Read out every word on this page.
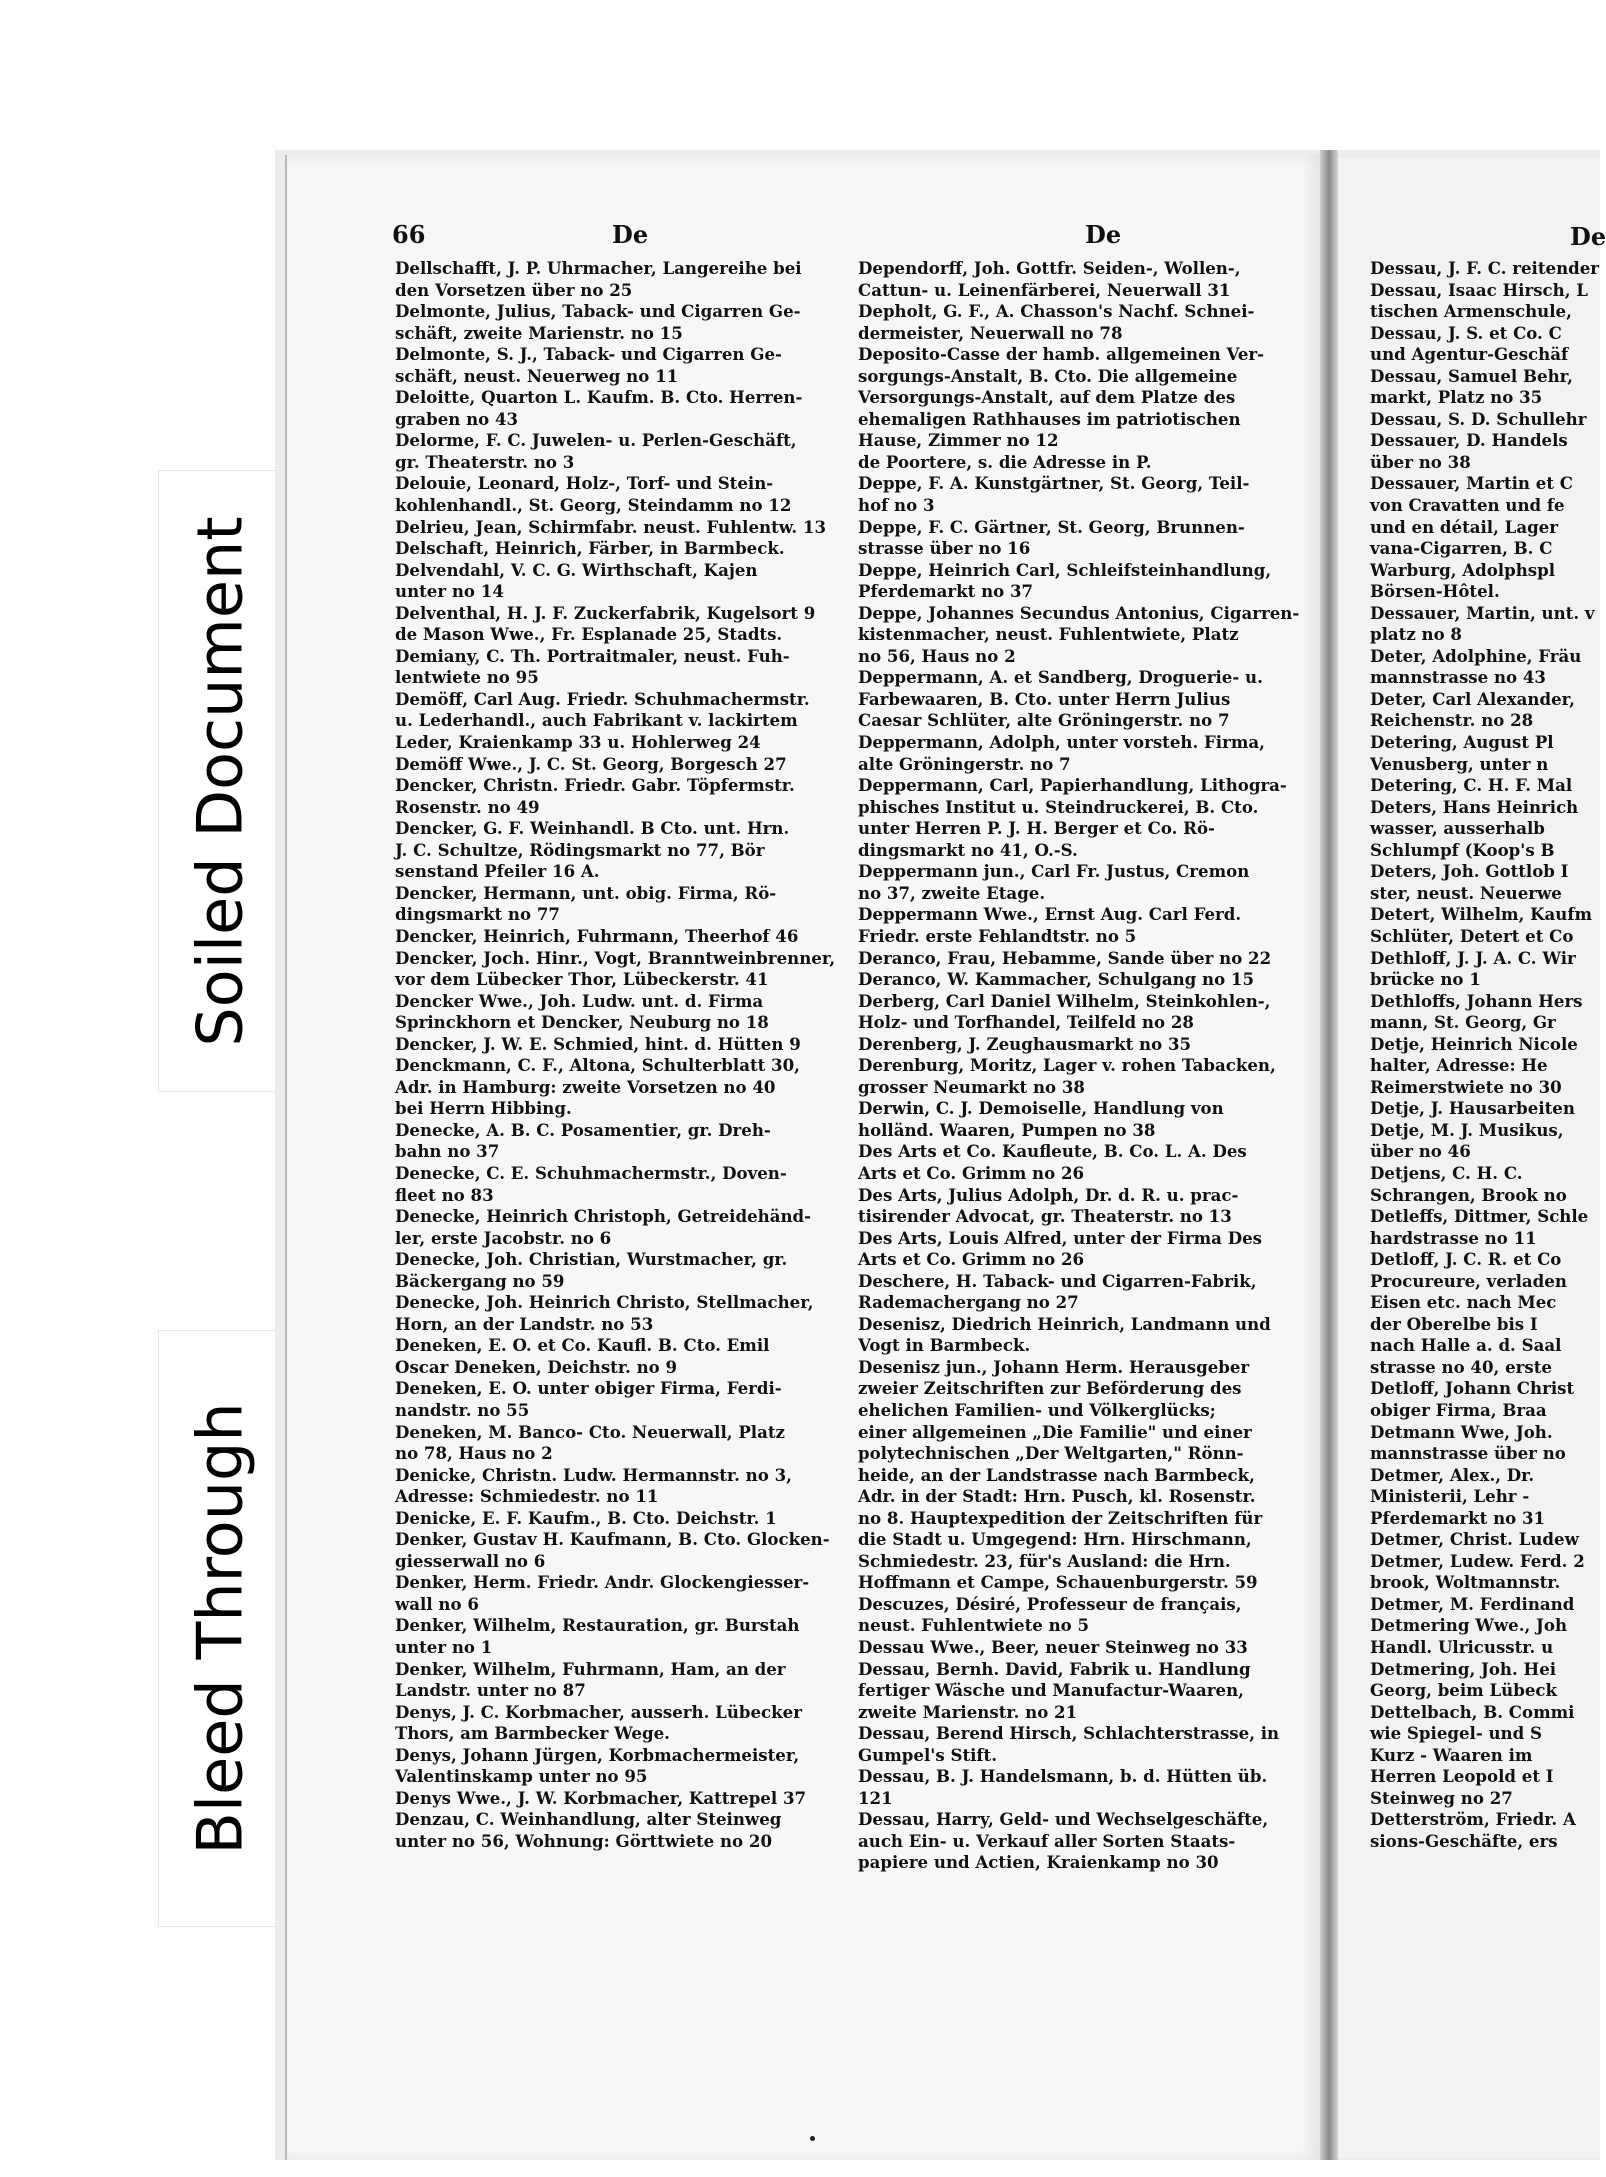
Soiled Document
Bleed Through
66	De	De	De
Dellschafft, J. P. Uhrmacher, Langereihe bei
den Vorsetzen über no 25
Delmonte, Julius, Taback- und Cigarren Ge-
schäft, zweite Marienstr. no 15
Delmonte, S. J., Taback- und Cigarren Ge-
schäft, neust. Neuerweg no 11
Deloitte, Quarton L. Kaufm. B. Cto. Herren-
graben no 43
Delorme, F. C. Juwelen- u. Perlen-Geschäft,
gr. Theaterstr. no 3
Delouie, Leonard, Holz-, Torf- und Stein-
kohlenhandl., St. Georg, Steindamm no 12
Delrieu, Jean, Schirmfabr. neust. Fuhlentw. 13
Delschaft, Heinrich, Färber, in Barmbeck.
Delvendahl, V. C. G. Wirthschaft, Kajen
unter no 14
Delventhal, H. J. F. Zuckerfabrik, Kugelsort 9
de Mason Wwe., Fr. Esplanade 25, Stadts.
Demiany, C. Th. Portraitmaler, neust. Fuh-
lentwiete no 95
Demöff, Carl Aug. Friedr. Schuhmachermstr.
u. Lederhandl., auch Fabrikant v. lackirtem
Leder, Kraienkamp 33 u. Hohlerweg 24
Demöff Wwe., J. C. St. Georg, Borgesch 27
Dencker, Christn. Friedr. Gabr. Töpfermstr.
Rosenstr. no 49
Dencker, G. F. Weinhandl. B Cto. unt. Hrn.
J. C. Schultze, Rödingsmarkt no 77, Bör
senstand Pfeiler 16 A.
Dencker, Hermann, unt. obig. Firma, Rö-
dingsmarkt no 77
Dencker, Heinrich, Fuhrmann, Theerhof 46
Dencker, Joch. Hinr., Vogt, Branntweinbrenner,
vor dem Lübecker Thor, Lübeckerstr. 41
Dencker Wwe., Joh. Ludw. unt. d. Firma
Sprinckhorn et Dencker, Neuburg no 18
Dencker, J. W. E. Schmied, hint. d. Hütten 9
Denckmann, C. F., Altona, Schulterblatt 30,
Adr. in Hamburg: zweite Vorsetzen no 40
bei Herrn Hibbing.
Denecke, A. B. C. Posamentier, gr. Dreh-
bahn no 37
Denecke, C. E. Schuhmachermstr., Doven-
fleet no 83
Denecke, Heinrich Christoph, Getreidehänd-
ler, erste Jacobstr. no 6
Denecke, Joh. Christian, Wurstmacher, gr.
Bäckergang no 59
Denecke, Joh. Heinrich Christo, Stellmacher,
Horn, an der Landstr. no 53
Deneken, E. O. et Co. Kaufl. B. Cto. Emil
Oscar Deneken, Deichstr. no 9
Deneken, E. O. unter obiger Firma, Ferdi-
nandstr. no 55
Deneken, M. Banco- Cto. Neuerwall, Platz
no 78, Haus no 2
Denicke, Christn. Ludw. Hermannstr. no 3,
Adresse: Schmiedestr. no 11
Denicke, E. F. Kaufm., B. Cto. Deichstr. 1
Denker, Gustav H. Kaufmann, B. Cto. Glocken-
giesserwall no 6
Denker, Herm. Friedr. Andr. Glockengiesser-
wall no 6
Denker, Wilhelm, Restauration, gr. Burstah
unter no 1
Denker, Wilhelm, Fuhrmann, Ham, an der
Landstr. unter no 87
Denys, J. C. Korbmacher, ausserh. Lübecker
Thors, am Barmbecker Wege.
Denys, Johann Jürgen, Korbmachermeister,
Valentinskamp unter no 95
Denys Wwe., J. W. Korbmacher, Kattrepel 37
Denzau, C. Weinhandlung, alter Steinweg
unter no 56, Wohnung: Görttwiete no 20
Dependorff, Joh. Gottfr. Seiden-, Wollen-,
Cattun- u. Leinenfärberei, Neuerwall 31
Depholt, G. F., A. Chasson's Nachf. Schnei-
dermeister, Neuerwall no 78
Deposito-Casse der hamb. allgemeinen Ver-
sorgungs-Anstalt, B. Cto. Die allgemeine
Versorgungs-Anstalt, auf dem Platze des
ehemaligen Rathhauses im patriotischen
Hause, Zimmer no 12
de Poortere, s. die Adresse in P.
Deppe, F. A. Kunstgärtner, St. Georg, Teil-
hof no 3
Deppe, F. C. Gärtner, St. Georg, Brunnen-
strasse über no 16
Deppe, Heinrich Carl, Schleifsteinhandlung,
Pferdemarkt no 37
Deppe, Johannes Secundus Antonius, Cigarren-
kistenmacher, neust. Fuhlentwiete, Platz
no 56, Haus no 2
Deppermann, A. et Sandberg, Droguerie- u.
Farbewaaren, B. Cto. unter Herrn Julius
Caesar Schlüter, alte Gröningerstr. no 7
Deppermann, Adolph, unter vorsteh. Firma,
alte Gröningerstr. no 7
Deppermann, Carl, Papierhandlung, Lithogra-
phisches Institut u. Steindruckerei, B. Cto.
unter Herren P. J. H. Berger et Co. Rö-
dingsmarkt no 41, O.-S.
Deppermann jun., Carl Fr. Justus, Cremon
no 37, zweite Etage.
Deppermann Wwe., Ernst Aug. Carl Ferd.
Friedr. erste Fehlandtstr. no 5
Deranco, Frau, Hebamme, Sande über no 22
Deranco, W. Kammacher, Schulgang no 15
Derberg, Carl Daniel Wilhelm, Steinkohlen-,
Holz- und Torfhandel, Teilfeld no 28
Derenberg, J. Zeughausmarkt no 35
Derenburg, Moritz, Lager v. rohen Tabacken,
grosser Neumarkt no 38
Derwin, C. J. Demoiselle, Handlung von
holländ. Waaren, Pumpen no 38
Des Arts et Co. Kaufleute, B. Co. L. A. Des
Arts et Co. Grimm no 26
Des Arts, Julius Adolph, Dr. d. R. u. prac-
tisirender Advocat, gr. Theaterstr. no 13
Des Arts, Louis Alfred, unter der Firma Des
Arts et Co. Grimm no 26
Deschere, H. Taback- und Cigarren-Fabrik,
Rademachergang no 27
Desenisz, Diedrich Heinrich, Landmann und
Vogt in Barmbeck.
Desenisz jun., Johann Herm. Herausgeber
zweier Zeitschriften zur Beförderung des
ehelichen Familien- und Völkerglücks;
einer allgemeinen „Die Familie" und einer
polytechnischen „Der Weltgarten," Rönn-
heide, an der Landstrasse nach Barmbeck,
Adr. in der Stadt: Hrn. Pusch, kl. Rosenstr.
no 8. Hauptexpedition der Zeitschriften für
die Stadt u. Umgegend: Hrn. Hirschmann,
Schmiedestr. 23, für's Ausland: die Hrn.
Hoffmann et Campe, Schauenburgerstr. 59
Descuzes, Désiré, Professeur de français,
neust. Fuhlentwiete no 5
Dessau Wwe., Beer, neuer Steinweg no 33
Dessau, Bernh. David, Fabrik u. Handlung
fertiger Wäsche und Manufactur-Waaren,
zweite Marienstr. no 21
Dessau, Berend Hirsch, Schlachterstrasse, in
Gumpel's Stift.
Dessau, B. J. Handelsmann, b. d. Hütten üb. 121
Dessau, Harry, Geld- und Wechselgeschäfte,
auch Ein- u. Verkauf aller Sorten Staats-
papiere und Actien, Kraienkamp no 30
Dessau, J. F. C. reitender
Dessau, Isaac Hirsch, L
tischen Armenschule,
Dessau, J. S. et Co. C
und Agentur-Geschäf
Dessau, Samuel Behr,
markt, Platz no 35
Dessau, S. D. Schullehr
Dessauer, D. Handels
über no 38
Dessauer, Martin et C
von Cravatten und fe
und en détail, Lager
vana-Cigarren, B. C
Warburg, Adolphspl
Börsen-Hôtel.
Dessauer, Martin, unt. v
platz no 8
Deter, Adolphine, Fräu
mannstrasse no 43
Deter, Carl Alexander,
Reichenstr. no 28
Detering, August Pl
Venusberg, unter n
Detering, C. H. F. Mal
Deters, Hans Heinrich
wasser, ausserhalb
Schlumpf (Koop's B
Deters, Joh. Gottlob I
ster, neust. Neuerwe
Detert, Wilhelm, Kaufm
Schlüter, Detert et Co
Dethloff, J. J. A. C. Wir
brücke no 1
Dethloffs, Johann Hers
mann, St. Georg, Gr
Detje, Heinrich Nicole
halter, Adresse: He
Reimerstwiete no 30
Detje, J. Hausarbeiten
Detje, M. J. Musikus,
über no 46
Detjens, C. H. C.
Schrangen, Brook no
Detleffs, Dittmer, Schle
hardstrasse no 11
Detloff, J. C. R. et Co
Procureure, verladen
Eisen etc. nach Mec
der Oberelbe bis I
nach Halle a. d. Saal
strasse no 40, erste
Detloff, Johann Christ
obiger Firma, Braa
Detmann Wwe, Joh.
mannstrasse über no
Detmer, Alex., Dr.
Ministerii, Lehr -
Pferdemarkt no 31
Detmer, Christ. Ludew
Detmer, Ludew. Ferd. 2
brook, Woltmannstr.
Detmer, M. Ferdinand
Detmering Wwe., Joh
Handl. Ulricusstr. u
Detmering, Joh. Hei
Georg, beim Lübeck
Dettelbach, B. Commi
wie Spiegel- und S
Kurz - Waaren im
Herren Leopold et I
Steinweg no 27
Detterström, Friedr. A
sions-Geschäfte, ers
